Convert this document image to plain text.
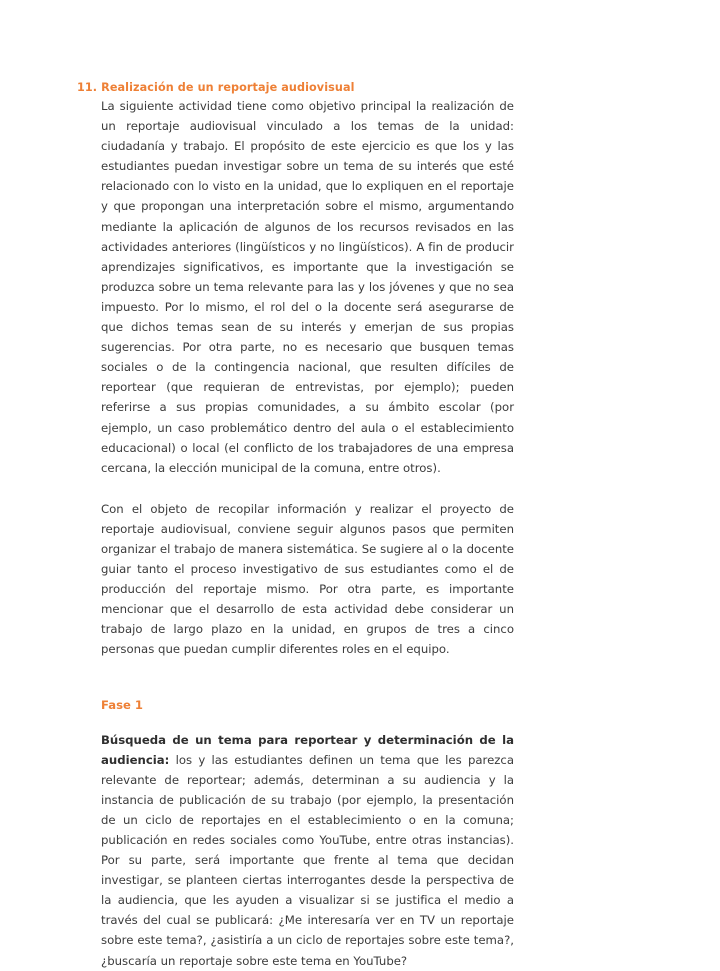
11. Realización de un reportaje audiovisual

La siguiente actividad tiene como objetivo principal la realización de un reportaje audiovisual vinculado a los temas de la unidad: ciudadanía y trabajo. El propósito de este ejercicio es que los y las estudiantes puedan investigar sobre un tema de su interés que esté relacionado con lo visto en la unidad, que lo expliquen en el reportaje y que propongan una interpretación sobre el mismo, argumentando mediante la aplicación de algunos de los recursos revisados en las actividades anteriores (lingüísticos y no lingüísticos). A fin de producir aprendizajes significativos, es importante que la investigación se produzca sobre un tema relevante para las y los jóvenes y que no sea impuesto. Por lo mismo, el rol del o la docente será asegurarse de que dichos temas sean de su interés y emerjan de sus propias sugerencias. Por otra parte, no es necesario que busquen temas sociales o de la contingencia nacional, que resulten difíciles de reportear (que requieran de entrevistas, por ejemplo); pueden referirse a sus propias comunidades, a su ámbito escolar (por ejemplo, un caso problemático dentro del aula o el establecimiento educacional) o local (el conflicto de los trabajadores de una empresa cercana, la elección municipal de la comuna, entre otros).

Con el objeto de recopilar información y realizar el proyecto de reportaje audiovisual, conviene seguir algunos pasos que permiten organizar el trabajo de manera sistemática. Se sugiere al o la docente guiar tanto el proceso investigativo de sus estudiantes como el de producción del reportaje mismo. Por otra parte, es importante mencionar que el desarrollo de esta actividad debe considerar un trabajo de largo plazo en la unidad, en grupos de tres a cinco personas que puedan cumplir diferentes roles en el equipo.

Fase 1

Búsqueda de un tema para reportear y determinación de la audiencia: los y las estudiantes definen un tema que les parezca relevante de reportear; además, determinan a su audiencia y la instancia de publicación de su trabajo (por ejemplo, la presentación de un ciclo de reportajes en el establecimiento o en la comuna; publicación en redes sociales como YouTube, entre otras instancias). Por su parte, será importante que frente al tema que decidan investigar, se planteen ciertas interrogantes desde la perspectiva de la audiencia, que les ayuden a visualizar si se justifica el medio a través del cual se publicará: ¿Me interesaría ver en TV un reportaje sobre este tema?, ¿asistiría a un ciclo de reportajes sobre este tema?, ¿buscaría un reportaje sobre este tema en YouTube?
